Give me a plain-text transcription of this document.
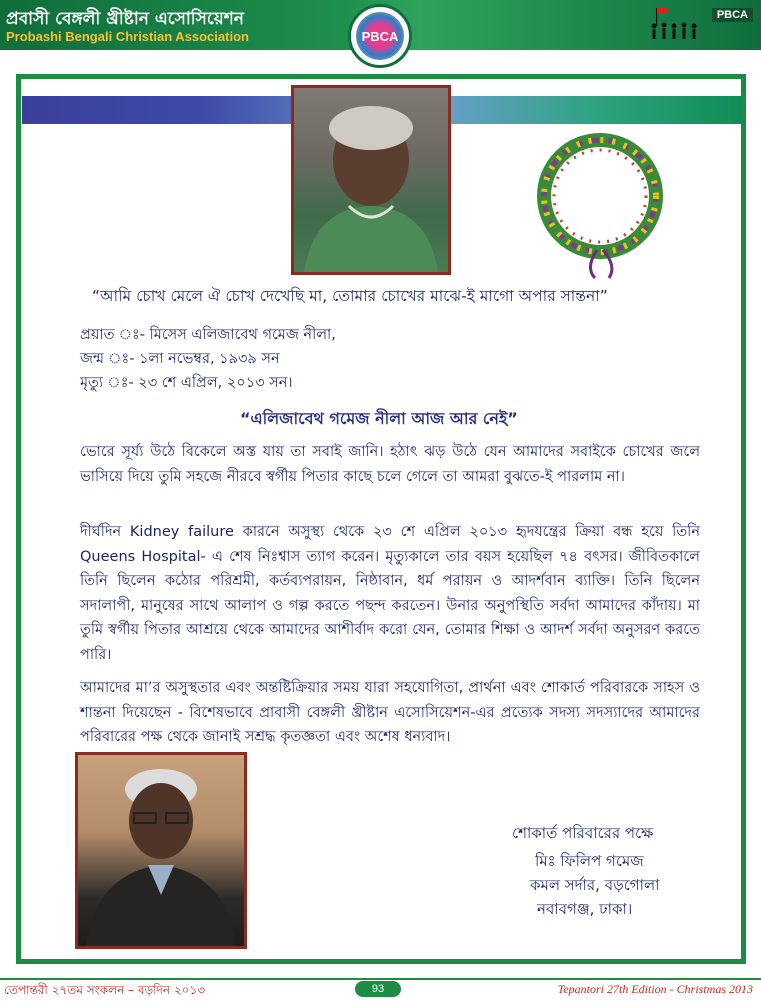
প্রবাসী বেঙ্গলী খ্রীষ্টান এসোসিয়েশন
Probashi Bengali Christian Association	PBCA
PBCA
“আমি চোখ মেলে ঐ চোখ দেখেছি মা, তোমার চোখের মাঝে-ই মাগো অপার সান্তনা”
প্রয়াত ঃ- মিসেস এলিজাবেথ গমেজ নীলা,
জন্ম ঃ- ১লা নভেম্বর, ১৯৩৯ সন
মৃত্যু ঃ- ২৩ শে এপ্রিল, ২০১৩ সন।
“এলিজাবেথ গমেজ নীলা আজ আর নেই”
ভোরে সূর্য্য উঠে বিকেলে অস্ত যায় তা সবাই জানি। হঠাৎ ঝড় উঠে যেন আমাদের সবাইকে চোখের জলে ভাসিয়ে দিয়ে তুমি সহজে নীরবে স্বর্গীয় পিতার কাছে চলে গেলে তা আমরা বুঝতে-ই পারলাম না।
দীর্ঘদিন Kidney failure কারনে অসুস্থ্য থেকে ২৩ শে এপ্রিল ২০১৩ হৃদযন্ত্রের ক্রিয়া বন্ধ হয়ে তিনি Queens Hospital- এ শেষ নিঃশ্বাস ত্যাগ করেন। মৃত্যুকালে তার বয়স হয়েছিল ৭৪ বৎসর। জীবিতকালে তিনি ছিলেন কঠোর পরিশ্রমী, কর্তব্যপরায়ন, নিষ্ঠাবান, ধর্ম পরায়ন ও আদর্শবান ব্যাক্তি। তিনি ছিলেন সদালাপী, মানুষের সাথে আলাপ ও গল্প করতে পছন্দ করতেন। উনার অনুপস্থিতি সর্বদা আমাদের কাঁদায়। মা তুমি স্বর্গীয় পিতার আশ্রয়ে থেকে আমাদের আশীর্বাদ করো যেন, তোমার শিক্ষা ও আদর্শ সর্বদা অনুসরণ করতে পারি।
আমাদের মা’র অসুস্থতার এবং অন্তষ্টিক্রিয়ার সময় যারা সহযোগিতা, প্রার্থনা এবং শোকার্ত পরিবারকে সাহস ও শান্তনা দিয়েছেন - বিশেষভাবে প্রাবাসী বেঙ্গলী খ্রীষ্টান এসোসিয়েশন-এর প্রত্যেক সদস্য সদস্যাদের আমাদের পরিবারের পক্ষ থেকে জানাই সশ্রদ্ধ কৃতজ্ঞতা এবং অশেষ ধন্যবাদ।
শোকার্ত পরিবারের পক্ষে
মিঃ ফিলিপ গমেজ
কমল সর্দার, বড়গোলা
নবাবগঞ্জ, ঢাকা।
তেপান্তরী ২৭তম সংকলন – বড়দিন ২০১৩	93	Tepantori 27th Edition - Christmas 2013
